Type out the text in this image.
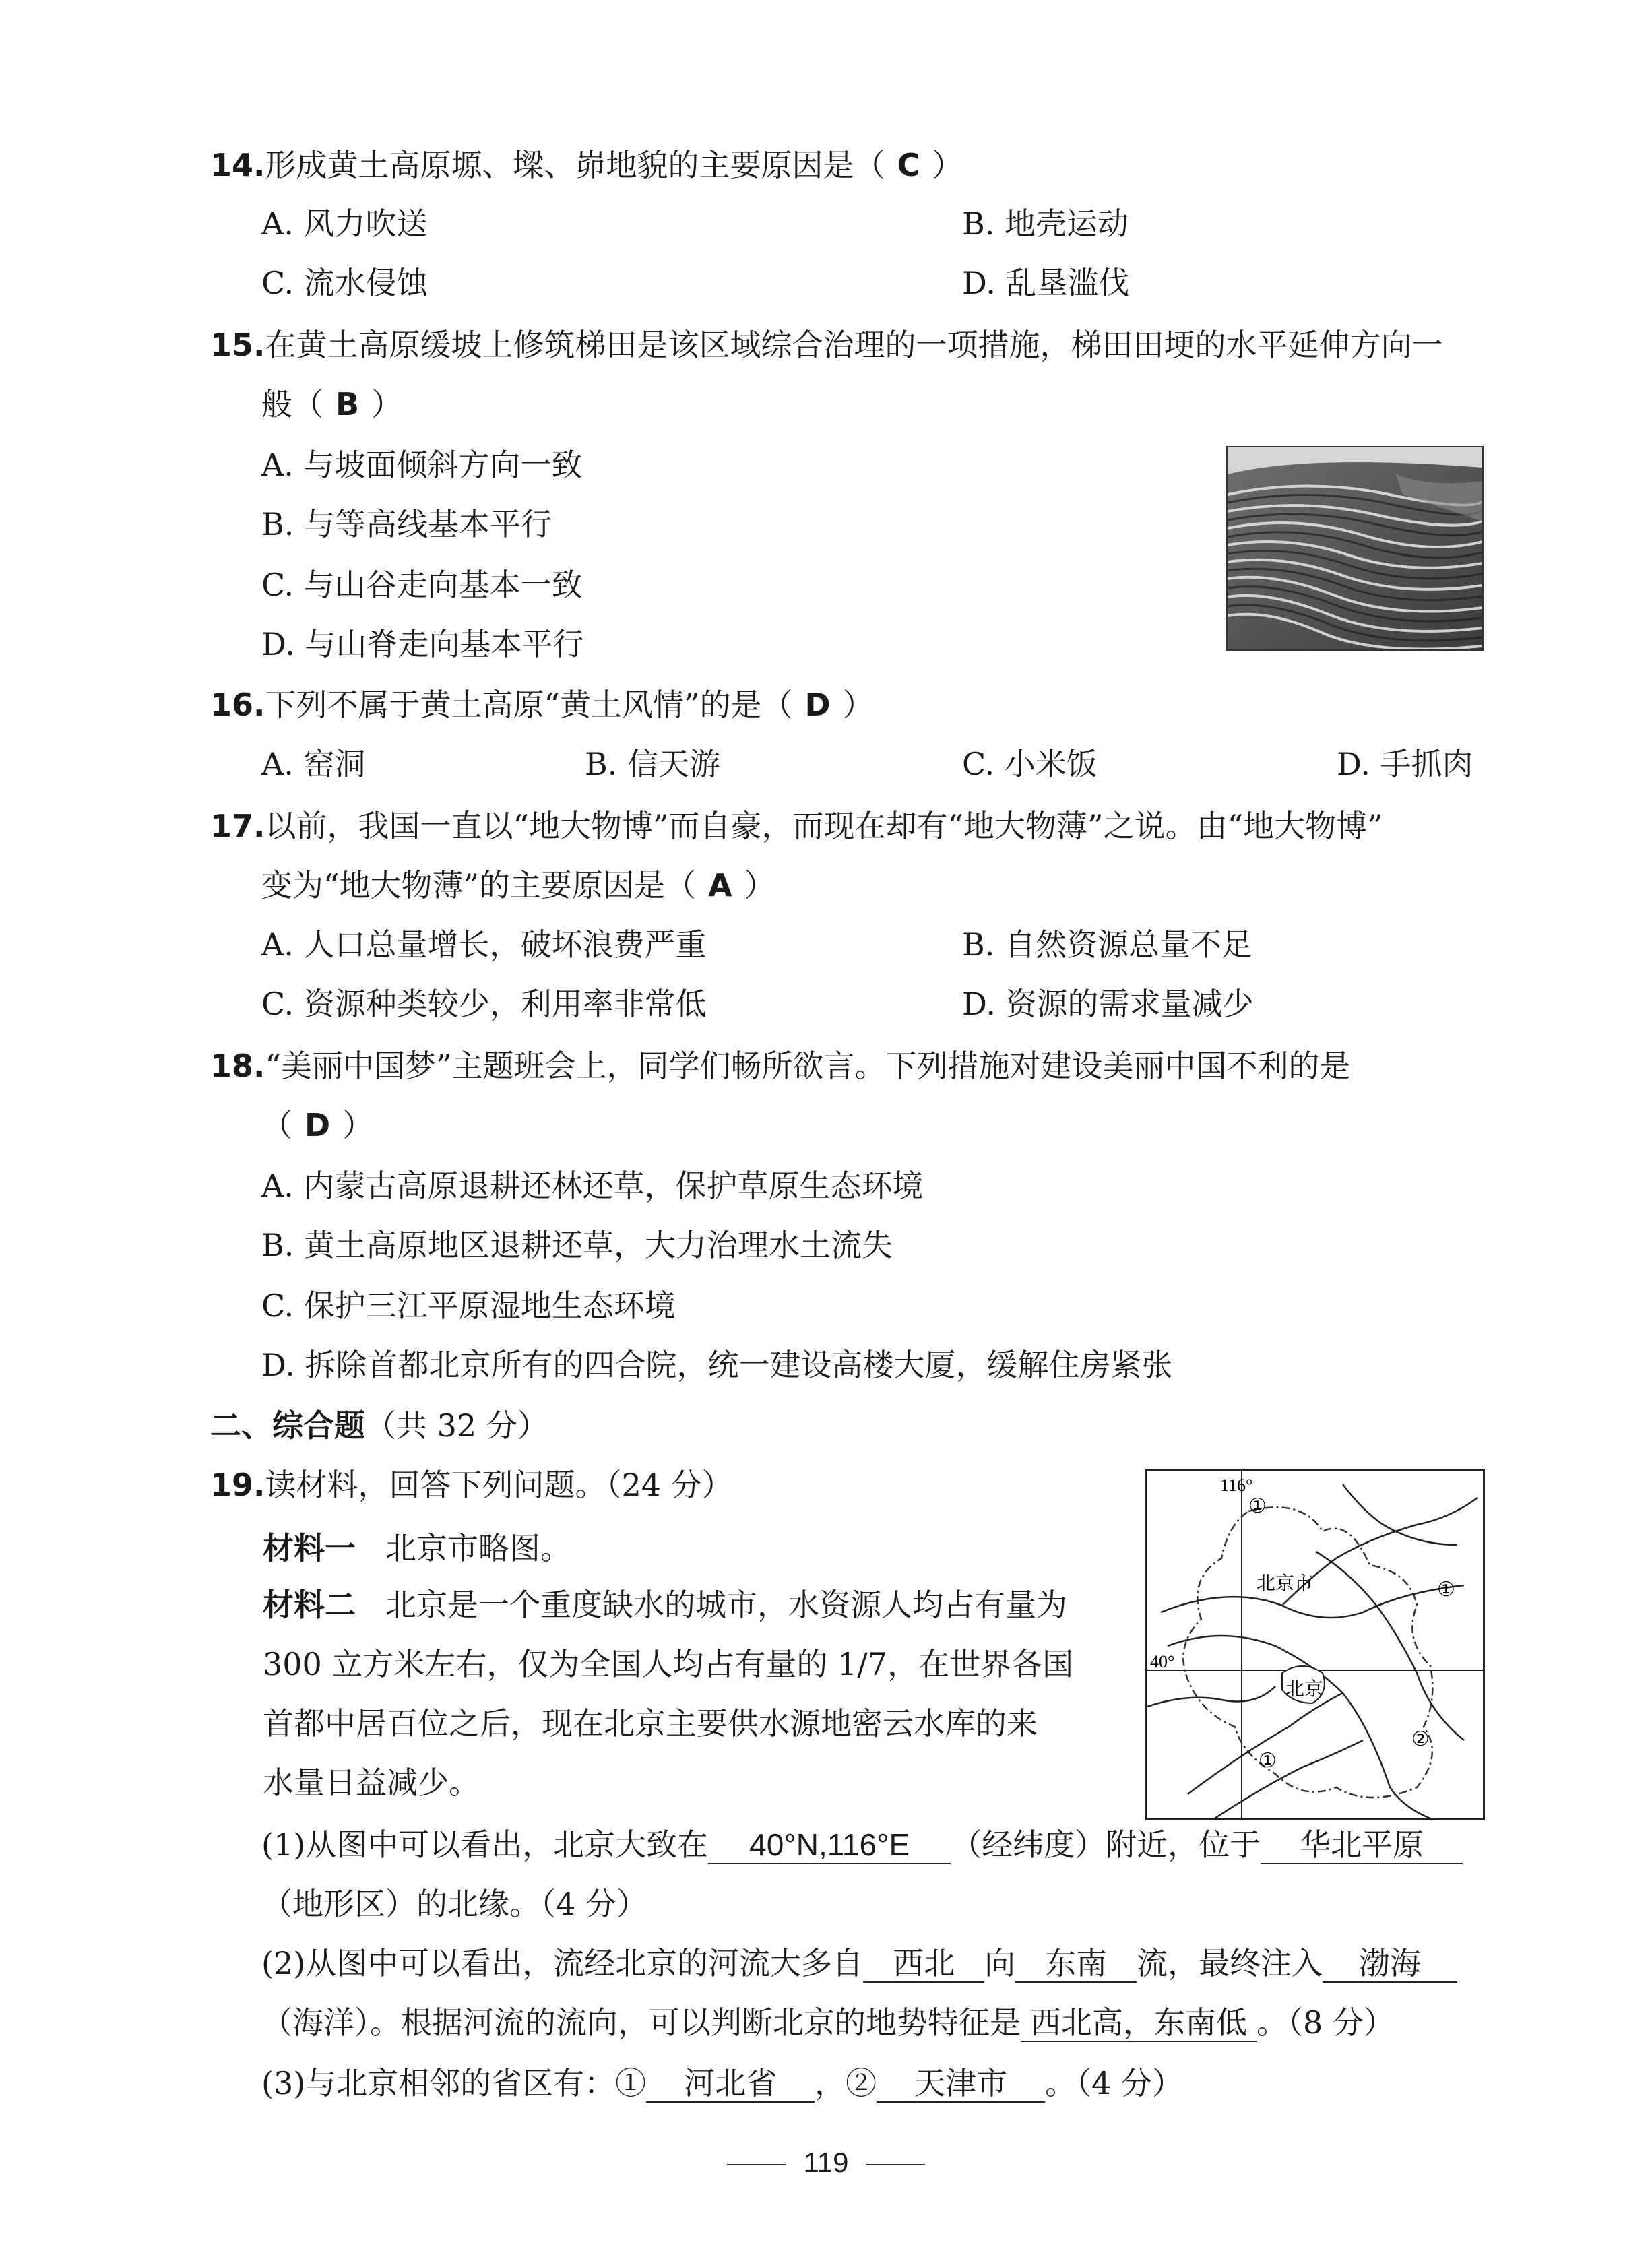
14.形成黄土高原塬、墚、峁地貌的主要原因是（ C ）
A. 风力吹送	B. 地壳运动
C. 流水侵蚀	D. 乱垦滥伐
15.在黄土高原缓坡上修筑梯田是该区域综合治理的一项措施，梯田田埂的水平延伸方向一
般（ B ）
A. 与坡面倾斜方向一致
B. 与等高线基本平行
C. 与山谷走向基本一致
D. 与山脊走向基本平行
16.下列不属于黄土高原“黄土风情”的是（ D ）
A. 窑洞	B. 信天游	C. 小米饭	D. 手抓肉
17.以前，我国一直以“地大物博”而自豪，而现在却有“地大物薄”之说。由“地大物博”
变为“地大物薄”的主要原因是（ A ）
A. 人口总量增长，破坏浪费严重	B. 自然资源总量不足
C. 资源种类较少，利用率非常低	D. 资源的需求量减少
18.“美丽中国梦”主题班会上，同学们畅所欲言。下列措施对建设美丽中国不利的是
（ D ）
A. 内蒙古高原退耕还林还草，保护草原生态环境
B. 黄土高原地区退耕还草，大力治理水土流失
C. 保护三江平原湿地生态环境
D. 拆除首都北京所有的四合院，统一建设高楼大厦，缓解住房紧张
二、综合题（共 32 分）
19.读材料，回答下列问题。（24 分）
材料一 北京市略图。
材料二 北京是一个重度缺水的城市，水资源人均占有量为
300 立方米左右，仅为全国人均占有量的 1/7，在世界各国
首都中居百位之后，现在北京主要供水源地密云水库的来
水量日益减少。
116°
40°
北京
北京市
①
①
①
②
(1)从图中可以看出，北京大致在 40°N,116°E （经纬度）附近，位于 华北平原
（地形区）的北缘。（4 分）
(2)从图中可以看出，流经北京的河流大多自 西北 向 东南 流，最终注入 渤海
（海洋）。根据河流的流向，可以判断北京的地势特征是 西北高，东南低 。（8 分）
(3)与北京相邻的省区有：① 河北省 ，② 天津市 。（4 分）
119
